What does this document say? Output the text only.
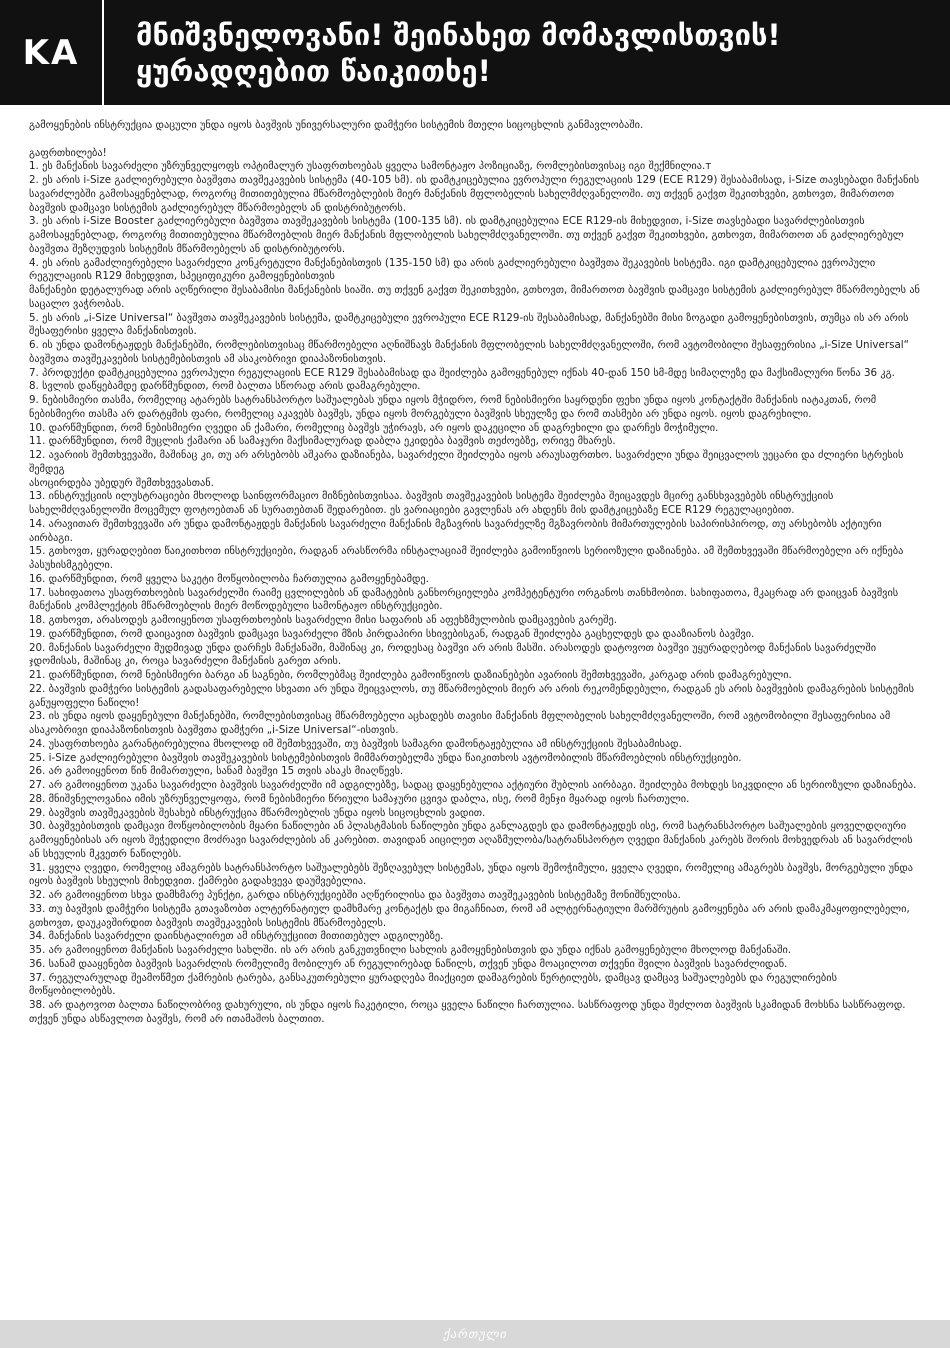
KA მნიშვნელოვანი! შეინახეთ მომავლისთვის!
ყურადღებით წაიკითხე!

გამოყენების ინსტრუქცია დაცული უნდა იყოს ბავშვის უნივერსალური დამჭერი სისტემის მთელი სიცოცხლის განმავლობაში.

გაფრთხილება!

1. ეს მანქანის სავარძელი უზრუნველყოფს ოპტიმალურ უსაფრთხოებას ყველა სამონტაჟო პოზიციაზე, რომლებისთვისაც იგი შექმნილია.т

2. ეს არის i-Size გაძლიერებული ბავშვთა თავშეკავების სისტემა (40-105 სმ). ის დამტკიცებულია ევროპული რეგულაციის 129 (ECE R129) შესაბამისად, i-Size თავსებადი მანქანის სავარძლებში გამოსაყენებლად, როგორც მითითებულია მწარმოებლების მიერ მანქანის მფლობელის სახელმძღვანელოში. თუ თქვენ გაქვთ შეკითხვები, გთხოვთ, მიმართოთ ბავშვის დამცავი სისტემის გაძლიერებულ მწარმოებელს ან დისტრიბუტორს.

3. ეს არის i-Size Booster გაძლიერებული ბავშვთა თავშეკავების სისტემა (100-135 სმ). ის დამტკიცებულია ECE R129-ის მიხედვით, i-Size თავსებადი სავარძლებისთვის გამოსაყენებლად, როგორც მითითებულია მწარმოებლის მიერ მანქანის მფლობელის სახელმძღვანელოში. თუ თქვენ გაქვთ შეკითხვები, გთხოვთ, მიმართოთ ან გაძლიერებულ ბავშვთა შეზღუდვის სისტემის მწარმოებელს ან დისტრიბუტორს.

4. ეს არის გამაძლიერებელი სავარძელი კონკრეტული მანქანებისთვის (135-150 სმ) და არის გაძლიერებული ბავშვთა შეკავების სისტემა. იგი დამტკიცებულია ევროპული რეგულაციის R129 მიხედვით, სპეციფიკური გამოყენებისთვის

მანქანები დეტალურად არის აღწერილი შესაბამისი მანქანების სიაში. თუ თქვენ გაქვთ შეკითხვები, გთხოვთ, მიმართოთ ბავშვის დამცავი სისტემის გაძლიერებულ მწარმოებელს ან საცალო ვაჭრობას.

5. ეს არის „i-Size Universal“ ბავშვთა თავშეკავების სისტემა, დამტკიცებული ევროპული ECE R129-ის შესაბამისად, მანქანებში მისი ზოგადი გამოყენებისთვის, თუმცა ის არ არის შესაფერისი ყველა მანქანისთვის.

6. ის უნდა დამონტაჟდეს მანქანებში, რომლებისთვისაც მწარმოებელი აღნიშნავს მანქანის მფლობელის სახელმძღვანელოში, რომ ავტომობილი შესაფერისია „i-Size Universal“ ბავშვთა თავშეკავების სისტემებისთვის ამ ასაკობრივი დიაპაზონისთვის.

7. პროდუქტი დამტკიცებულია ევროპული რეგულაციის ECE R129 შესაბამისად და შეიძლება გამოყენებულ იქნას 40-დან 150 სმ-მდე სიმაღლეზე და მაქსიმალური წონა 36 კგ.

8. სვლის დაწყებამდე დარწმუნდით, რომ ბალთა სწორად არის დამაგრებული.

9. ნებისმიერი თასმა, რომელიც ატარებს სატრანსპორტო საშუალებას უნდა იყოს მჭიდრო, რომ ნებისმიერი საყრდენი ფეხი უნდა იყოს კონტაქტში მანქანის იატაკთან, რომ ნებისმიერი თასმა არ დარტყმის ფარი, რომელიც აკავებს ბავშვს, უნდა იყოს მორგებული ბავშვის სხეულზე და რომ თასმები არ უნდა იყოს. იყოს დაგრეხილი.

10. დარწმუნდით, რომ ნებისმიერი ღვედი ან ქამარი, რომელიც ბავშვს უჭირავს, არ იყოს დაკეცილი ან დაგრეხილი და დარჩეს მოჭიმული.

11. დარწმუნდით, რომ მუცლის ქამარი ან სამაჯური მაქსიმალურად დაბლა ეკიდება ბავშვის თეძოებზე, ორივე მხარეს.

12. ავარიის შემთხვევაში, მაშინაც კი, თუ არ არსებობს აშკარა დაზიანება, სავარძელი შეიძლება იყოს არაუსაფრთხო. სავარძელი უნდა შეიცვალოს უეცარი და ძლიერი სტრესის შემდეგ

ასოცირდება უბედურ შემთხვევასთან.

13. ინსტრუქციის ილუსტრაციები მხოლოდ საინფორმაციო მიზნებისთვისაა. ბავშვის თავშეკავების სისტემა შეიძლება შეიცავდეს მცირე განსხვავებებს ინსტრუქციის სახელმძღვანელოში მოცემულ ფოტოებთან ან სურათებთან შედარებით. ეს ვარიაციები გავლენას არ ახდენს მის დამტკიცებაზე ECE R129 რეგულაციებით.

14. არავითარ შემთხვევაში არ უნდა დამონტაჟდეს მანქანის სავარძელი მანქანის მგზავრის სავარძელზე მგზავრობის მიმართულების საპირისპიროდ, თუ არსებობს აქტიური აირბაგი.

15. გთხოვთ, ყურადღებით წაიკითხოთ ინსტრუქციები, რადგან არასწორმა ინსტალაციამ შეიძლება გამოიწვიოს სერიოზული დაზიანება. ამ შემთხვევაში მწარმოებელი არ იქნება პასუხისმგებელი.

16. დარწმუნდით, რომ ყველა საკეტი მოწყობილობა ჩართულია გამოყენებამდე.

17. სახიფათოა უსაფრთხოების სავარძელში რაიმე ცვლილების ან დამატების განხორციელება კომპეტენტური ორგანოს თანხმობით. სახიფათოა, მკაცრად არ დაიცვან ბავშვის მანქანის კომპლექტის მწარმოებლის მიერ მოწოდებული სამონტაჟო ინსტრუქციები.

18. გთხოვთ, არასოდეს გამოიყენოთ უსაფრთხოების სავარძელი მისი საფარის ან აფეხზმულობის დამცავების გარეშე.

19. დარწმუნდით, რომ დაიცავით ბავშვის დამცავი სავარძელი მზის პირდაპირი სხივებისგან, რადგან შეიძლება გაცხელდეს და დააზიანოს ბავშვი.

20. მანქანის სავარძელი მუდმივად უნდა დარჩეს მანქანაში, მაშინაც კი, როდესაც ბავშვი არ არის მასში. არასოდეს დატოვოთ ბავშვი უყურადღებოდ მანქანის სავარძელში ჯდომისას, მაშინაც კი, როცა სავარძელი მანქანის გარეთ არის.

21. დარწმუნდით, რომ ნებისმიერი ბარგი ან საგნები, რომლებმაც შეიძლება გამოიწვიოს დაზიანებები ავარიის შემთხვევაში, კარგად არის დამაგრებული.

22. ბავშვის დამჭერი სისტემის გადასაფარებელი სხვათი არ უნდა შეიცვალოს, თუ მწარმოებლის მიერ არ არის რეკომენდებული, რადგან ეს არის ბავშვების დამაგრების სისტემის განუყოფელი ნაწილი!

23. ის უნდა იყოს დაყენებული მანქანებში, რომლებისთვისაც მწარმოებელი აცხადებს თავისი მანქანის მფლობელის სახელმძღვანელოში, რომ ავტომობილი შესაფერისია ამ ასაკობრივი დიაპაზონისთვის ბავშვთა დამჭერი „i-Size Universal“-ისთვის.

24. უსაფრთხოება გარანტირებულია მხოლოდ იმ შემთხვევაში, თუ ბავშვის სამაგრი დამონტაჟებულია ამ ინსტრუქციის შესაბამისად.

25. i-Size გაძლიერებული ბავშვის თავშეკავების სისტემებისთვის მიმმართებელმა უნდა წაიკითხოს ავტომობილის მწარმოებლის ინსტრუქციები.

26. არ გამოიყენოთ წინ მიმართული, სანამ ბავშვი 15 თვის ასაკს მიაღწევს.

27. არ გამოიყენოთ უკანა სავარძელი ბავშვის სავარძელში იმ ადგილებზე, სადაც დაყენებულია აქტიური შუბლის აირბაგი. შეიძლება მოხდეს სიკვდილი ან სერიოზული დაზიანება.

28. მნიშვნელოვანია იმის უზრუნველყოფა, რომ ნებისმიერი წრიული სამაჯური ცვივა დაბლა, ისე, რომ მენჯი მყარად იყოს ჩართული.

29. ბავშვის თავშეკავების შესახებ ინსტრუქცია მწარმოებლის უნდა იყოს სიცოცხლის ვადით.

30. ბავშვებისთვის დამცავი მოწყობილობის მყარი ნაწილები ან პლასტმასის ნაწილები უნდა განლაგდეს და დამონტაჟდეს ისე, რომ სატრანსპორტო საშუალების ყოველდღიური გამოყენებისას არ იყოს შეჭედილი მოძრავი სავარძლების ან კარებით. თავიდან აიცილეთ აღაზმულობა/სატრანსპორტო ღვედი მანქანის კარებს შორის მოხვედრას ან სავარძლის ან სხეულის მკვეთრ ნაწილებს.

31. ყველა ღვედი, რომელიც ამაგრებს სატრანსპორტო საშუალებებს შეზღავებულ სისტემას, უნდა იყოს შემოჭიმული, ყველა ღვედი, რომელიც ამაგრებს ბავშვს, მორგებული უნდა იყოს ბავშვის სხეულის მიხედვით. ქამრები გადახვევა დაუშვებელია.

32. არ გამოიყენოთ სხვა დამხმარე პუნქტი, გარდა ინსტრუქციებში აღწერილისა და ბავშვთა თავშეკავების სისტემაზე მონიშნულისა.

33. თუ ბავშვის დამჭერი სისტემა გთავაზობთ ალტერნატიულ დამხმარე კონტაქტს და მიგაჩნიათ, რომ ამ ალტერნატიული მარშრუტის გამოყენება არ არის დამაკმაყოფილებელი, გთხოვთ, დაუკავშირდით ბავშვის თავშეკავების სისტემის მწარმოებელს.

34. მანქანის სავარძელი დაინსტალირეთ ამ ინსტრუქციით მითითებულ ადგილებზე.

35. არ გამოიყენოთ მანქანის სავარძელი სახლში. ის არ არის განკუთვნილი სახლის გამოყენებისთვის და უნდა იქნას გამოყენებული მხოლოდ მანქანაში.

36. სანამ დააყენებთ ბავშვის სავარძლის რომელიმე მობილურ ან რეგულირებად ნაწილს, თქვენ უნდა მოაცილოთ თქვენი შვილი ბავშვის სავარძლიდან.

37. რეგულარულად შეამოწმეთ ქამრების ტარება, განსაკუთრებული ყურადღება მიაქციეთ დამაგრების წერტილებს, დამცავ დამცავ საშუალებებს და რეგულირების მოწყობილობებს.

38. არ დატოვოთ ბალთა ნაწილობრივ დახურული, ის უნდა იყოს ჩაკეტილი, როცა ყველა ნაწილი ჩართულია. სასწრაფოდ უნდა შეძლოთ ბავშვის სკამიდან მოხსნა სასწრაფოდ. თქვენ უნდა ასწავლოთ ბავშვს, რომ არ ითამაშოს ბალთით.

ქართული
